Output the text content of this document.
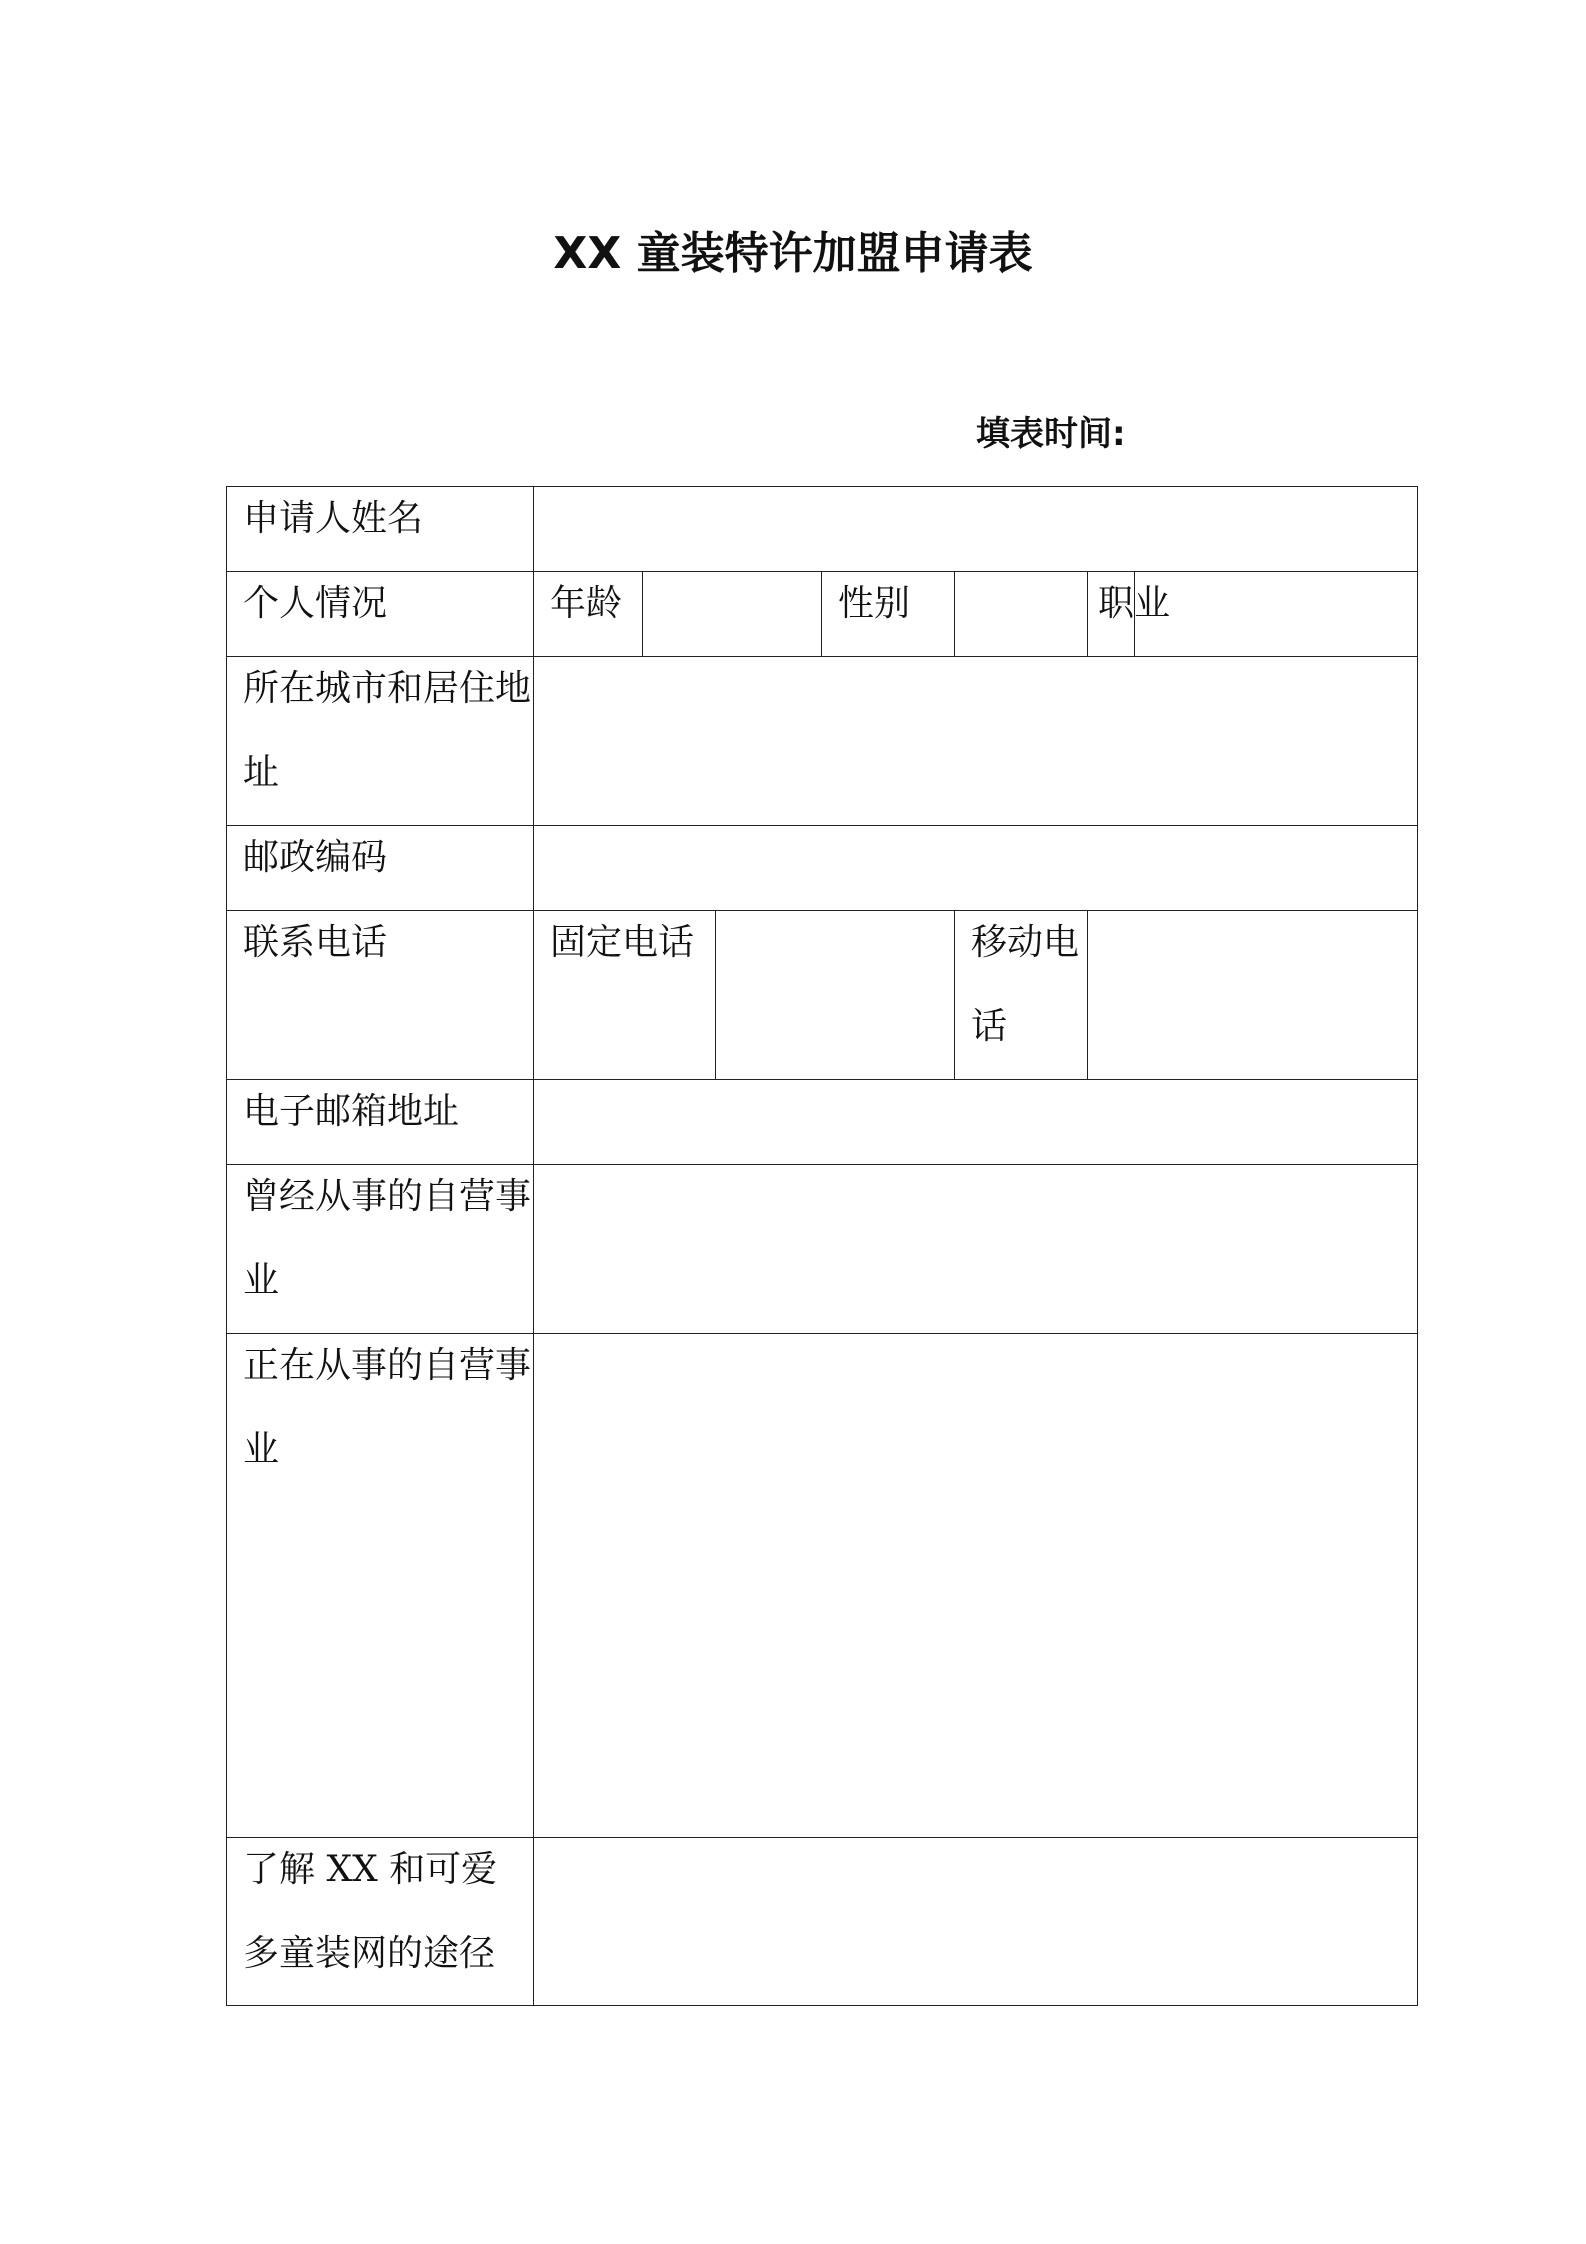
XX 童装特许加盟申请表
填表时间:
申请人姓名							

个人情况	年龄			性别		职业	

所在城市和居住地址							

邮政编码							

联系电话	固定电话				移动电话		

电子邮箱地址							

曾经从事的自营事业							

正在从事的自营事业							

了解 XX 和可爱多童装网的途径							
